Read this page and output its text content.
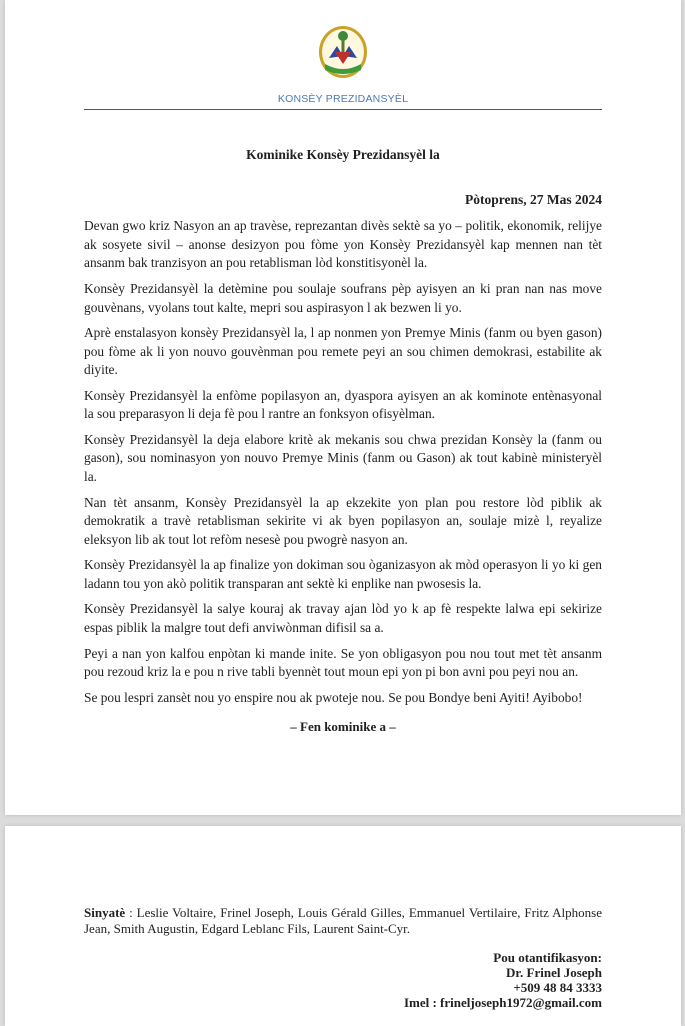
KONSÈY PREZIDANSYÈL
Kominike Konsèy Prezidansyèl la
Pòtoprens, 27 Mas 2024

Devan gwo kriz Nasyon an ap travèse, reprezantan divès sektè sa yo – politik, ekonomik, relijye ak sosyete sivil – anonse desizyon pou fòme yon Konsèy Prezidansyèl kap mennen nan tèt ansanm bak tranzisyon an pou retablisman lòd konstitisyonèl la.

Konsèy Prezidansyèl la detèmine pou soulaje soufrans pèp ayisyen an ki pran nan nas move gouvènans, vyolans tout kalte, mepri sou aspirasyon l ak bezwen li yo.

Aprè enstalasyon konsèy Prezidansyèl la, l ap nonmen yon Premye Minis (fanm ou byen gason) pou fòme ak li yon nouvo gouvènman pou remete peyi an sou chimen demokrasi, estabilite ak diyite.

Konsèy Prezidansyèl la enfòme popilasyon an, dyaspora ayisyen an ak kominote entènasyonal la sou preparasyon li deja fè pou l rantre an fonksyon ofisyèlman.

Konsèy Prezidansyèl la deja elabore kritè ak mekanis sou chwa prezidan Konsèy la (fanm ou gason), sou nominasyon yon nouvo Premye Minis (fanm ou Gason) ak tout kabinè ministeryèl la.

Nan tèt ansanm, Konsèy Prezidansyèl la ap ekzekite yon plan pou restore lòd piblik ak demokratik a travè retablisman sekirite vi ak byen popilasyon an, soulaje mizè l, reyalize eleksyon lib ak tout lot refòm nesesè pou pwogrè nasyon an.

Konsèy Prezidansyèl la ap finalize yon dokiman sou òganizasyon ak mòd operasyon li yo ki gen ladann tou yon akò politik transparan ant sektè ki enplike nan pwosesis la.

Konsèy Prezidansyèl la salye kouraj ak travay ajan lòd yo k ap fè respekte lalwa epi sekirize espas piblik la malgre tout defi anviwònman difisil sa a.

Peyi a nan yon kalfou enpòtan ki mande inite. Se yon obligasyon pou nou tout met tèt ansanm pou rezoud kriz la e pou n rive tabli byennèt tout moun epi yon pi bon avni pou peyi nou an.

Se pou lespri zansèt nou yo enspire nou ak pwoteje nou. Se pou Bondye beni Ayiti! Ayibobo!

– Fen kominike a –
Sinyatè : Leslie Voltaire, Frinel Joseph, Louis Gérald Gilles, Emmanuel Vertilaire, Fritz Alphonse Jean, Smith Augustin, Edgard Leblanc Fils, Laurent Saint-Cyr.
Pou otantifikasyon:
Dr. Frinel Joseph
+509 48 84 3333
Imel : frineljoseph1972@gmail.com
